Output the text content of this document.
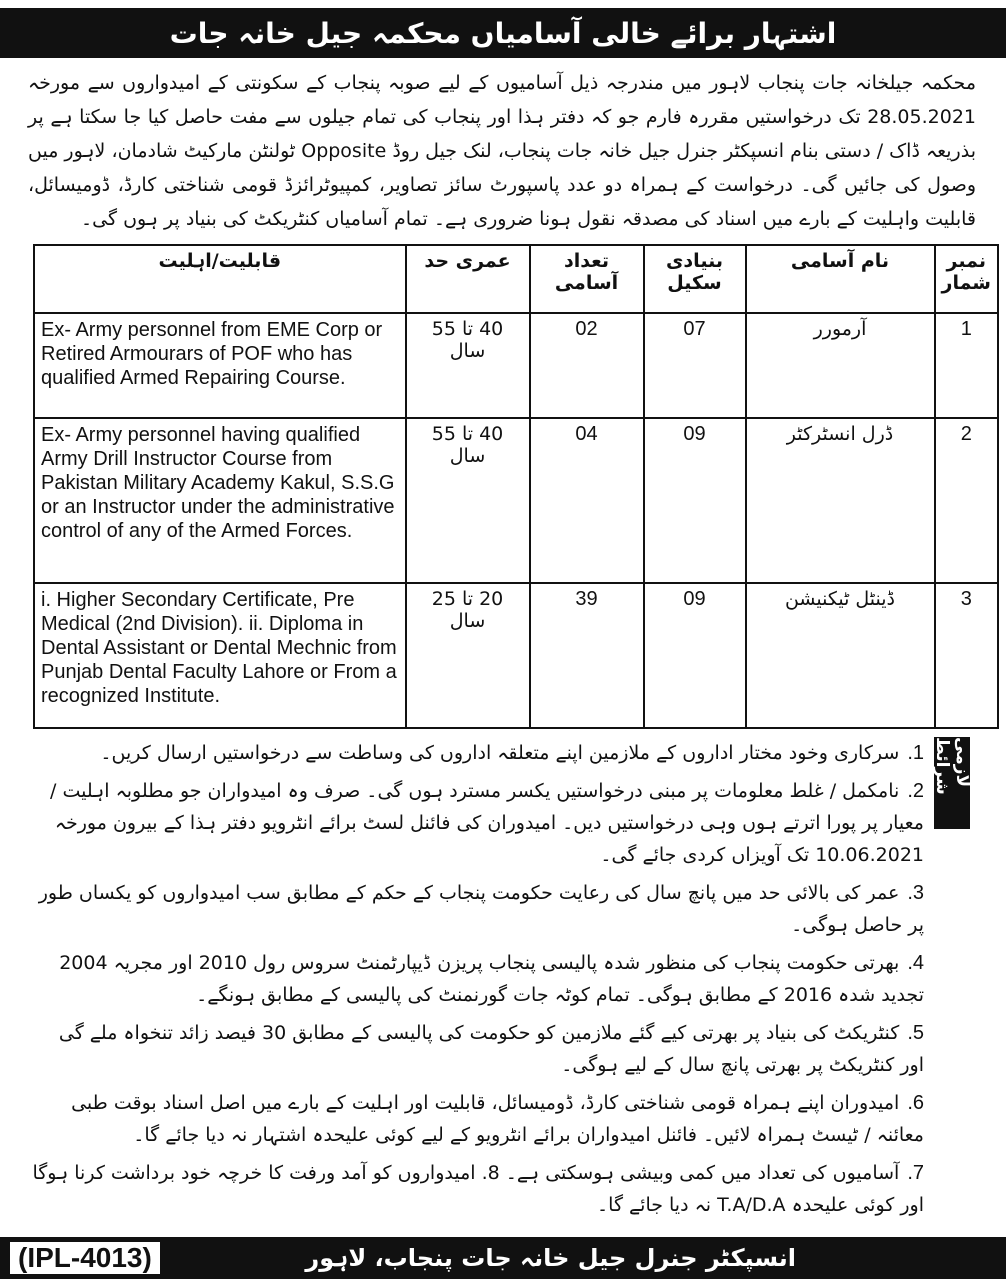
اشتہار برائے خالی آسامیاں محکمہ جیل خانہ جات
محکمہ جیلخانہ جات پنجاب لاہور میں مندرجہ ذیل آسامیوں کے لیے صوبہ پنجاب کے سکونتی کے امیدواروں سے مورخہ 28.05.2021 تک درخواستیں مقررہ فارم جو کہ دفتر ہذا اور پنجاب کی تمام جیلوں سے مفت حاصل کیا جا سکتا ہے پر بذریعہ ڈاک / دستی بنام انسپکٹر جنرل جیل خانہ جات پنجاب، لنک جیل روڈ Opposite ٹولنٹن مارکیٹ شادمان، لاہور میں وصول کی جائیں گی۔ درخواست کے ہمراہ دو عدد پاسپورٹ سائز تصاویر، کمپیوٹرائزڈ قومی شناختی کارڈ، ڈومیسائل، قابلیت واہلیت کے بارے میں اسناد کی مصدقہ نقول ہونا ضروری ہے۔ تمام آسامیاں کنٹریکٹ کی بنیاد پر ہوں گی۔
نمبر شمار	نام آسامی	بنیادی سکیل	تعداد آسامی	عمری حد	قابلیت/اہلیت
1	آرمورر	07	02	40 تا 55 سال	Ex- Army personnel from EME Corp or Retired Armourars of POF who has qualified Armed Repairing Course.
2	ڈرل انسٹرکٹر	09	04	40 تا 55 سال	Ex- Army personnel having qualified Army Drill Instructor Course from Pakistan Military Academy Kakul, S.S.G or an Instructor under the administrative control of any of the Armed Forces.
3	ڈینٹل ٹیکنیشن	09	39	20 تا 25 سال	i. Higher Secondary Certificate, Pre Medical (2nd Division). ii. Diploma in Dental Assistant or Dental Mechnic from Punjab Dental Faculty Lahore or From a recognized Institute.
لازمی شرائط
1.سرکاری وخود مختار اداروں کے ملازمین اپنے متعلقہ اداروں کی وساطت سے درخواستیں ارسال کریں۔
2.نامکمل / غلط معلومات پر مبنی درخواستیں یکسر مسترد ہوں گی۔ صرف وہ امیدواران جو مطلوبہ اہلیت / معیار پر پورا اترتے ہوں وہی درخواستیں دیں۔ امیدوران کی فائنل لسٹ برائے انٹرویو دفتر ہذا کے بیرون مورخہ 10.06.2021 تک آویزاں کردی جائے گی۔
3.عمر کی بالائی حد میں پانچ سال کی رعایت حکومت پنجاب کے حکم کے مطابق سب امیدواروں کو یکساں طور پر حاصل ہوگی۔
4.بھرتی حکومت پنجاب کی منظور شدہ پالیسی پنجاب پریزن ڈیپارٹمنٹ سروس رول 2010 اور مجریہ 2004 تجدید شدہ 2016 کے مطابق ہوگی۔ تمام کوٹہ جات گورنمنٹ کی پالیسی کے مطابق ہونگے۔
5.کنٹریکٹ کی بنیاد پر بھرتی کیے گئے ملازمین کو حکومت کی پالیسی کے مطابق 30 فیصد زائد تنخواہ ملے گی اور کنٹریکٹ پر بھرتی پانچ سال کے لیے ہوگی۔
6.امیدوران اپنے ہمراہ قومی شناختی کارڈ، ڈومیسائل، قابلیت اور اہلیت کے بارے میں اصل اسناد بوقت طبی معائنہ / ٹیسٹ ہمراہ لائیں۔ فائنل امیدواران برائے انٹرویو کے لیے کوئی علیحدہ اشتہار نہ دیا جائے گا۔
7.آسامیوں کی تعداد میں کمی وبیشی ہوسکتی ہے۔ 8. امیدواروں کو آمد ورفت کا خرچہ خود برداشت کرنا ہوگا اور کوئی علیحدہ T.A/D.A نہ دیا جائے گا۔
(IPL-4013)	انسپکٹر جنرل جیل خانہ جات پنجاب، لاہور
